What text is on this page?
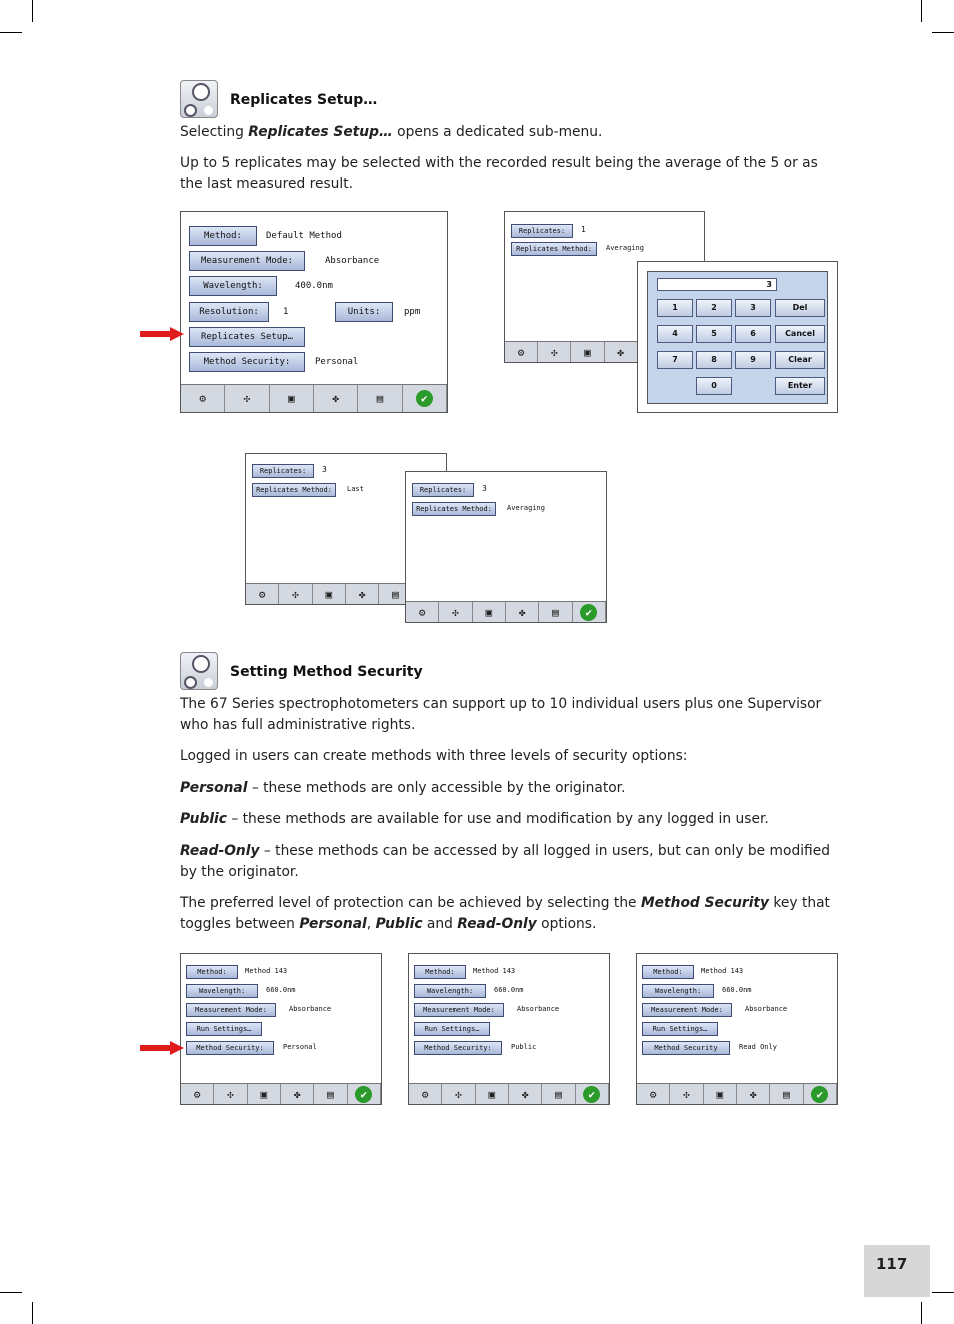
Replicates Setup…

Selecting Replicates Setup… opens a dedicated sub-menu.

Up to 5 replicates may be selected with the recorded result being the average of the 5 or as the last measured result.

Method:	Default Method
Measurement Mode:	Absorbance
Wavelength:	400.0nm
Resolution:	1	Units:	ppm
Replicates Setup…
Method Security:	Personal
⚙	✣	▣	✤	▤
✔
Replicates:	1
Replicates Method:	Averaging
⚙	✣	▣	✤
✔
3
1	2	3	Del
4	5	6	Cancel
7	8	9	Clear
0	Enter
Replicates:	3
Replicates Method:	Last
⚙	✣	▣	✤	▤
✔
Replicates:	3
Replicates Method:	Averaging
⚙	✣	▣	✤	▤
✔
Setting Method Security

The 67 Series spectrophotometers can support up to 10 individual users plus one Supervisor who has full administrative rights.

Logged in users can create methods with three levels of security options:

Personal – these methods are only accessible by the originator.

Public – these methods are available for use and modification by any logged in user.

Read-Only – these methods can be accessed by all logged in users, but can only be modified by the originator.

The preferred level of protection can be achieved by selecting the Method Security key that toggles between Personal, Public and Read-Only options.

Method:	Method 143
Wavelength:	660.0nm
Measurement Mode:	Absorbance
Run Settings…
Method Security:	Personal
⚙	✣	▣	✤	▤
✔
Method:	Method 143
Wavelength:	660.0nm
Measurement Mode:	Absorbance
Run Settings…
Method Security:	Public
⚙	✣	▣	✤	▤
✔
Method:	Method 143
Wavelength:	660.0nm
Measurement Mode:	Absorbance
Run Settings…
Method Security	Read Only
⚙	✣	▣	✤	▤
✔
117
